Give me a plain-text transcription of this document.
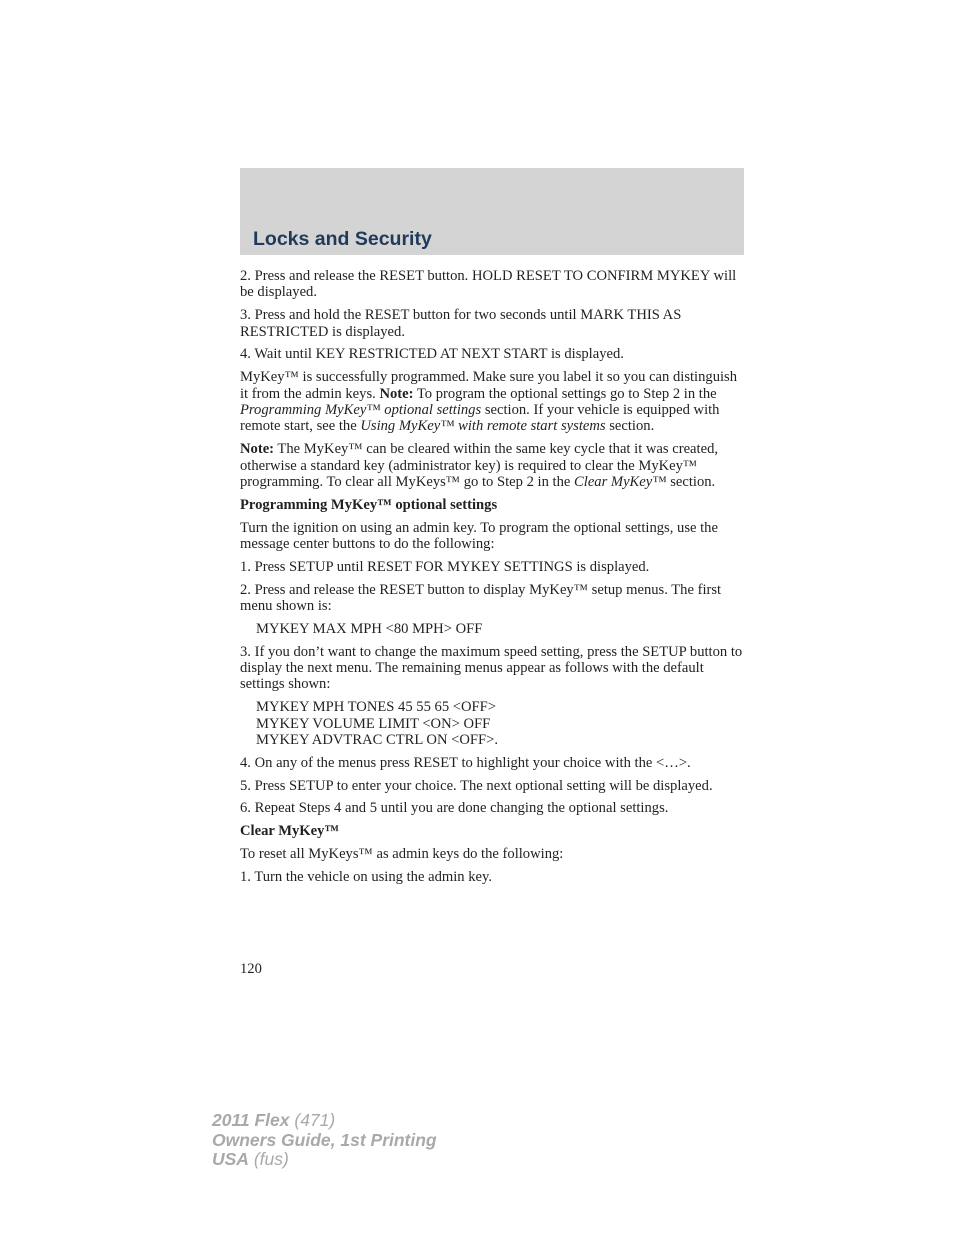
Locks and Security

2. Press and release the RESET button. HOLD RESET TO CONFIRM MYKEY will be displayed.

3. Press and hold the RESET button for two seconds until MARK THIS AS RESTRICTED is displayed.

4. Wait until KEY RESTRICTED AT NEXT START is displayed.

MyKey™ is successfully programmed. Make sure you label it so you can distinguish it from the admin keys. Note: To program the optional settings go to Step 2 in the Programming MyKey™ optional settings section. If your vehicle is equipped with remote start, see the Using MyKey™ with remote start systems section.

Note: The MyKey™ can be cleared within the same key cycle that it was created, otherwise a standard key (administrator key) is required to clear the MyKey™ programming. To clear all MyKeys™ go to Step 2 in the Clear MyKey™ section.

Programming MyKey™ optional settings

Turn the ignition on using an admin key. To program the optional settings, use the message center buttons to do the following:

1. Press SETUP until RESET FOR MYKEY SETTINGS is displayed.

2. Press and release the RESET button to display MyKey™ setup menus. The first menu shown is:

MYKEY MAX MPH <80 MPH> OFF

3. If you don’t want to change the maximum speed setting, press the SETUP button to display the next menu. The remaining menus appear as follows with the default settings shown:

MYKEY MPH TONES 45 55 65 <OFF>

MYKEY VOLUME LIMIT <ON> OFF

MYKEY ADVTRAC CTRL ON <OFF>.

4. On any of the menus press RESET to highlight your choice with the <…>.

5. Press SETUP to enter your choice. The next optional setting will be displayed.

6. Repeat Steps 4 and 5 until you are done changing the optional settings.

Clear MyKey™

To reset all MyKeys™ as admin keys do the following:

1. Turn the vehicle on using the admin key.

120
2011 Flex (471)
Owners Guide, 1st Printing
USA (fus)
